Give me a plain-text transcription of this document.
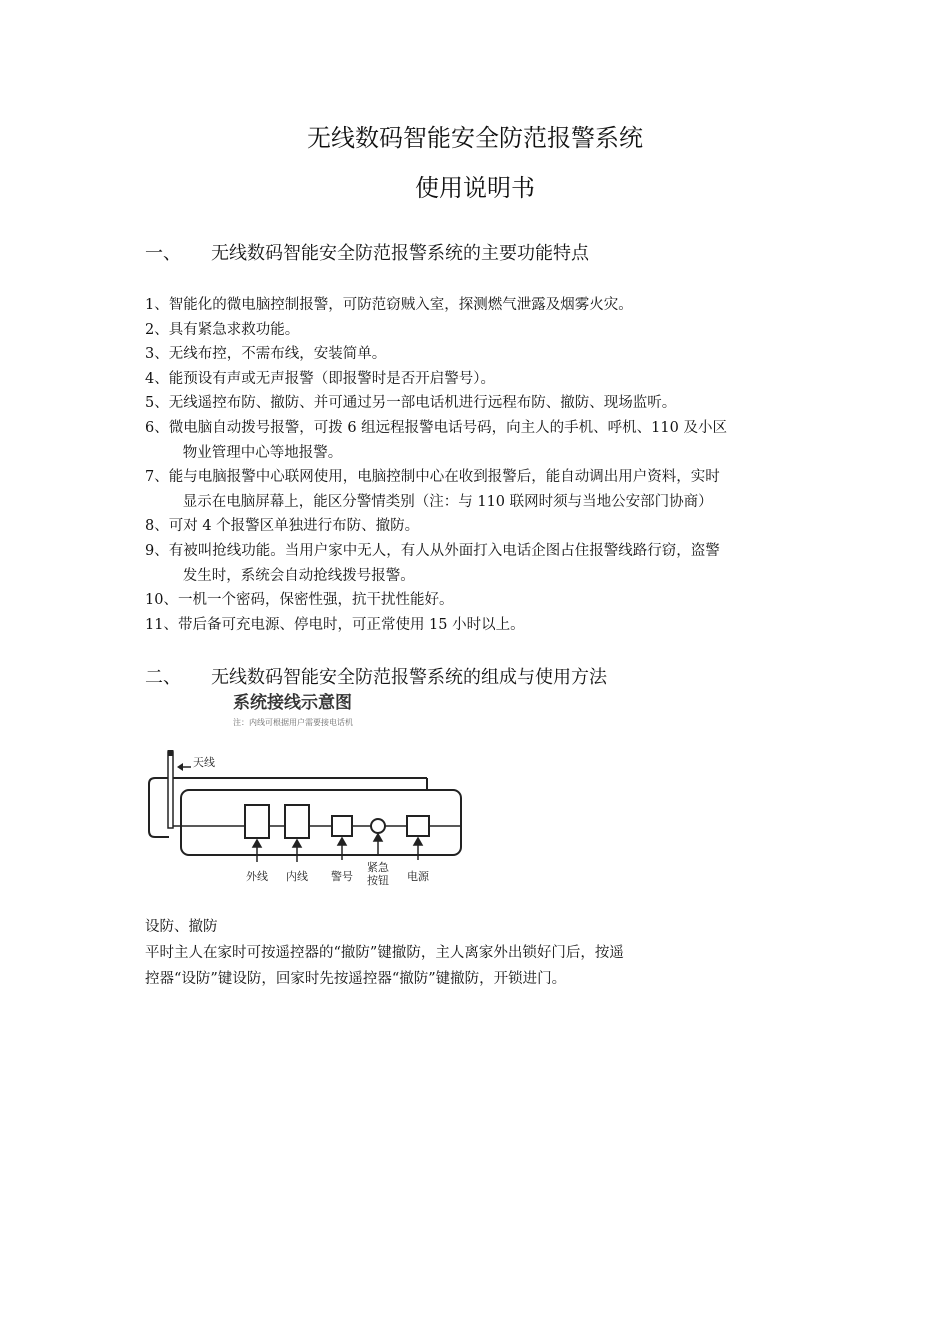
无线数码智能安全防范报警系统
使用说明书
一、 无线数码智能安全防范报警系统的主要功能特点
1、 智能化的微电脑控制报警，可防范窃贼入室，探测燃气泄露及烟雾火灾。
2、 具有紧急求救功能。
3、 无线布控，不需布线，安装简单。
4、 能预设有声或无声报警（即报警时是否开启警号）。
5、 无线遥控布防、撤防、并可通过另一部电话机进行远程布防、撤防、现场监听。
6、 微电脑自动拨号报警，可拨 6 组远程报警电话号码，向主人的手机、呼机、110 及小区
物业管理中心等地报警。
7、 能与电脑报警中心联网使用，电脑控制中心在收到报警后，能自动调出用户资料，实时
显示在电脑屏幕上，能区分警情类别（注：与 110 联网时须与当地公安部门协商）
8、 可对 4 个报警区单独进行布防、撤防。
9、 有被叫抢线功能。当用户家中无人，有人从外面打入电话企图占住报警线路行窃，盗警
发生时，系统会自动抢线拨号报警。
10、 一机一个密码，保密性强，抗干扰性能好。
11、 带后备可充电源、停电时，可正常使用 15 小时以上。
二、 无线数码智能安全防范报警系统的组成与使用方法
系统接线示意图
注：内线可根据用户需要接电话机
天线
外线 内线 警号
紧急
按钮 电源
设防、撤防
平时主人在家时可按遥控器的“撤防”键撤防，主人离家外出锁好门后，按遥
控器“设防”键设防，回家时先按遥控器“撤防”键撤防，开锁进门。
